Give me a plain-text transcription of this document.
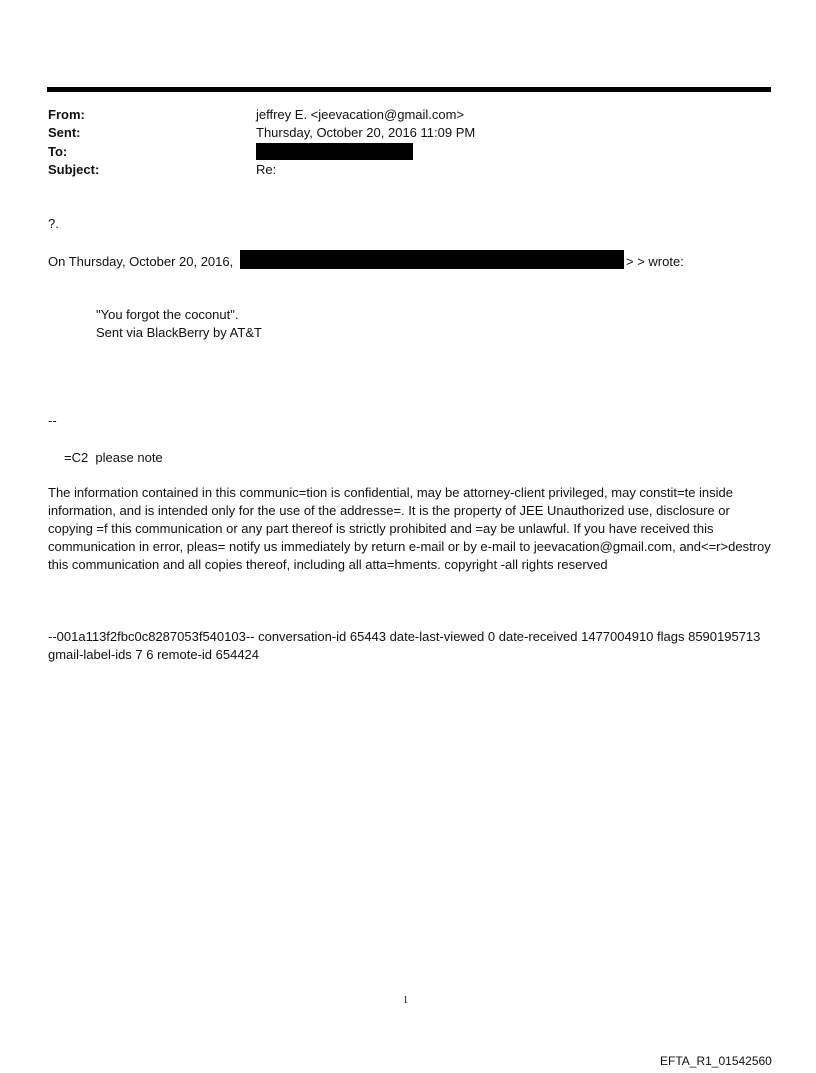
From:	jeffrey E. <jeevacation@gmail.com>
Sent:	Thursday, October 20, 2016 11:09 PM
To:
Subject:	Re:
?.
On Thursday, October 20, 2016,	> > wrote:
"You forgot the coconut".
Sent via BlackBerry by AT&T
--
=C2  please note
The information contained in this communic=tion is confidential, may be attorney-client privileged, may constit=te inside information, and is intended only for the use of the addresse=. It is the property of JEE Unauthorized use, disclosure or copying =f this communication or any part thereof is strictly prohibited and =ay be unlawful. If you have received this communication in error, pleas= notify us immediately by return e-mail or by e-mail to jeevacation@gmail.com, and<=r>destroy this communication and all copies thereof, including all atta=hments. copyright -all rights reserved
--001a113f2fbc0c8287053f540103-- conversation-id 65443 date-last-viewed 0 date-received 1477004910 flags 8590195713 gmail-label-ids 7 6 remote-id 654424
1
EFTA_R1_01542560
